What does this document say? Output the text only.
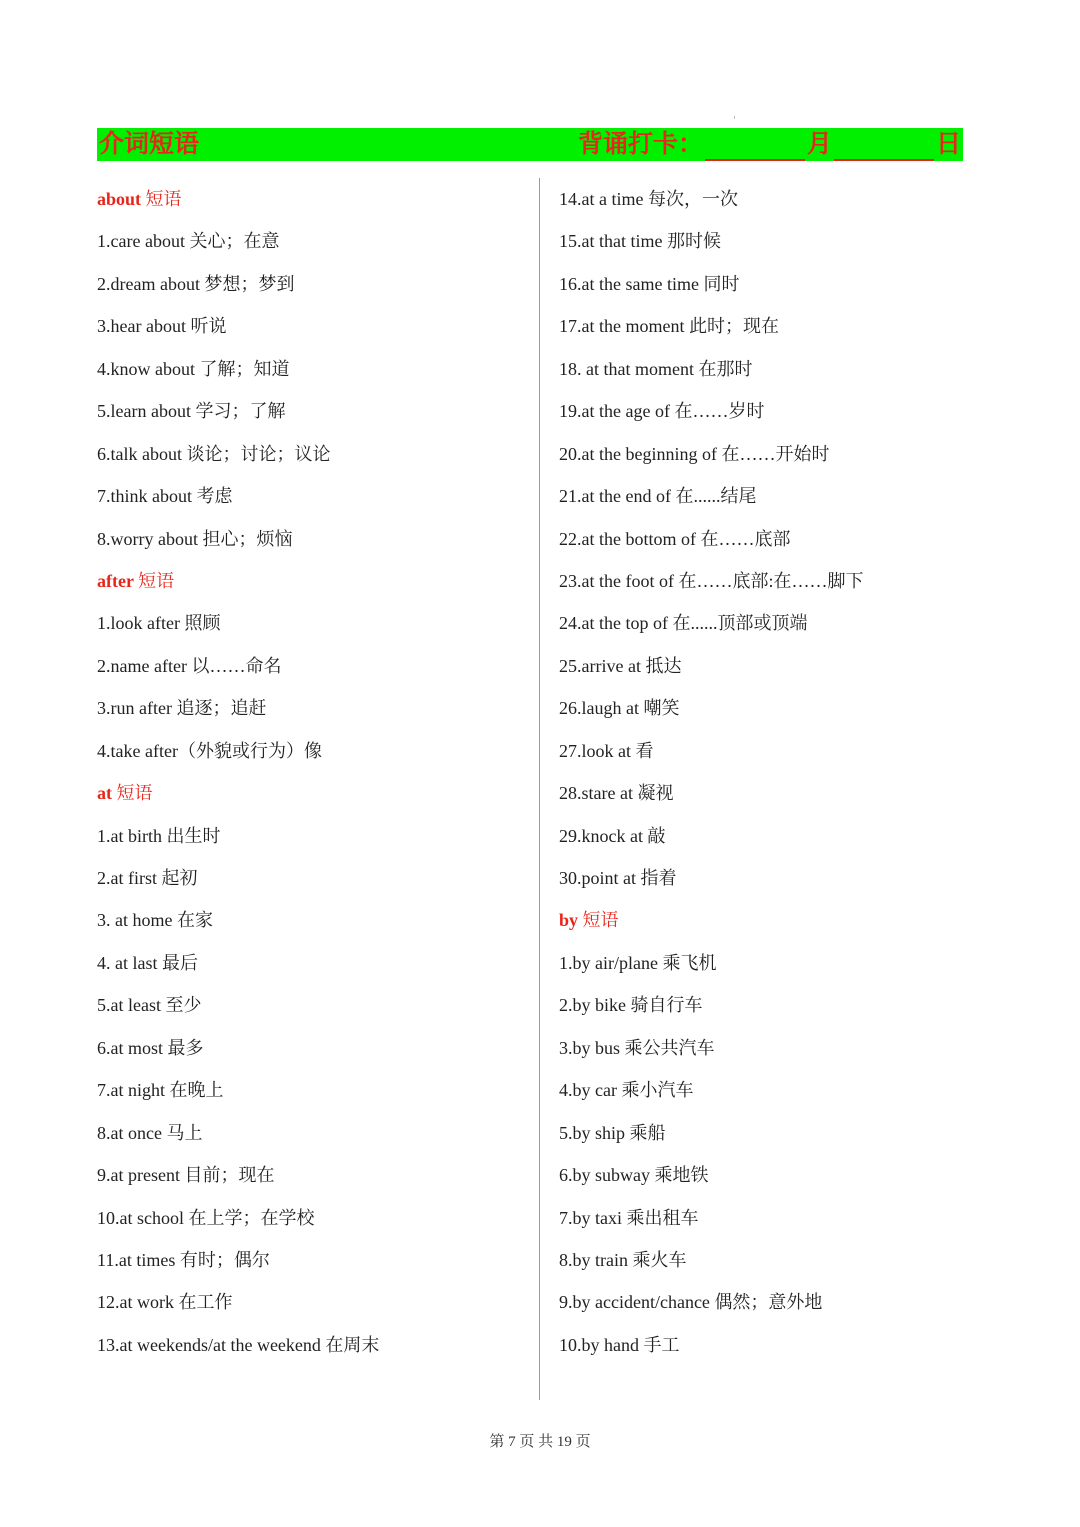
介词短语	背诵打卡：	月	日
about 短语
1.care about 关心；在意
2.dream about 梦想；梦到
3.hear about 听说
4.know about 了解；知道
5.learn about 学习；了解
6.talk about 谈论；讨论；议论
7.think about 考虑
8.worry about 担心；烦恼
after 短语
1.look after 照顾
2.name after 以……命名
3.run after 追逐；追赶
4.take after（外貌或行为）像
at 短语
1.at birth 出生时
2.at first 起初
3. at home 在家
4. at last 最后
5.at least 至少
6.at most 最多
7.at night 在晚上
8.at once 马上
9.at present 目前；现在
10.at school 在上学；在学校
11.at times 有时；偶尔
12.at work 在工作
13.at weekends/at the weekend 在周末
14.at a time 每次，一次
15.at that time 那时候
16.at the same time 同时
17.at the moment 此时；现在
18. at that moment 在那时
19.at the age of 在……岁时
20.at the beginning of 在……开始时
21.at the end of 在......结尾
22.at the bottom of 在……底部
23.at the foot of 在……底部:在……脚下
24.at the top of 在......顶部或顶端
25.arrive at 抵达
26.laugh at 嘲笑
27.look at 看
28.stare at 凝视
29.knock at 敲
30.point at 指着
by 短语
1.by air/plane 乘飞机
2.by bike 骑自行车
3.by bus 乘公共汽车
4.by car 乘小汽车
5.by ship 乘船
6.by subway 乘地铁
7.by taxi 乘出租车
8.by train 乘火车
9.by accident/chance 偶然；意外地
10.by hand 手工
第 7 页 共 19 页
